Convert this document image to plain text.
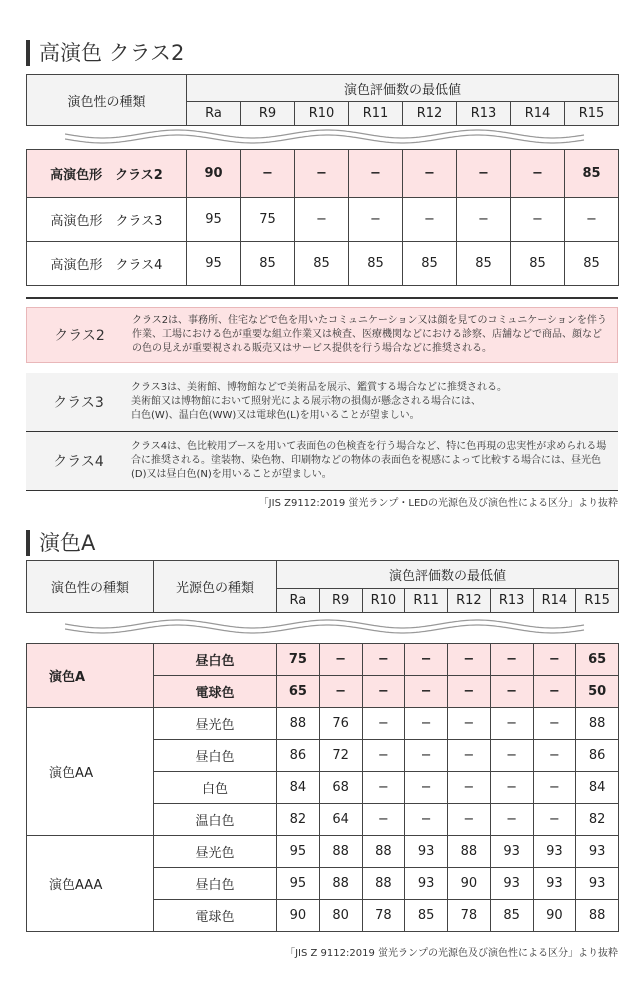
高演色 クラス2
演色性の種類	演色評価数の最低値							
	Ra	R9	R10	R11	R12	R13	R14	R15

高演色形　クラス2	90	−	−	−	−	−	−	85
高演色形　クラス3	95	75	−	−	−	−	−	−
高演色形　クラス4	95	85	85	85	85	85	85	85
クラス2
クラス2は、事務所、住宅などで色を用いたコミュニケーション又は顔を見てのコミュニケーションを伴う作業、工場における色が重要な組立作業又は検査、医療機関などにおける診察、店舗などで商品、顔などの色の見えが重要視される販売又はサービス提供を行う場合などに推奨される。
クラス3
クラス3は、美術館、博物館などで美術品を展示、鑑賞する場合などに推奨される。
美術館又は博物館において照射光による展示物の損傷が懸念される場合には、
白色(W)、温白色(WW)又は電球色(L)を用いることが望ましい。
クラス4
クラス4は、色比較用ブースを用いて表面色の色検査を行う場合など、特に色再現の忠実性が求められる場合に推奨される。塗装物、染色物、印刷物などの物体の表面色を視感によって比較する場合には、昼光色(D)又は昼白色(N)を用いることが望ましい。
「JIS Z9112:2019 蛍光ランプ・LEDの光源色及び演色性による区分」より抜粋
演色A
演色性の種類	光源色の種類	演色評価数の最低値							
		Ra	R9	R10	R11	R12	R13	R14	R15

演色A	昼白色	75	−	−	−	−	−	−	65
	電球色	65	−	−	−	−	−	−	50
演色AA	昼光色	88	76	−	−	−	−	−	88
	昼白色	86	72	−	−	−	−	−	86
	白色	84	68	−	−	−	−	−	84
	温白色	82	64	−	−	−	−	−	82
演色AAA	昼光色	95	88	88	93	88	93	93	93
	昼白色	95	88	88	93	90	93	93	93
	電球色	90	80	78	85	78	85	90	88
「JIS Z 9112:2019 蛍光ランプの光源色及び演色性による区分」より抜粋
